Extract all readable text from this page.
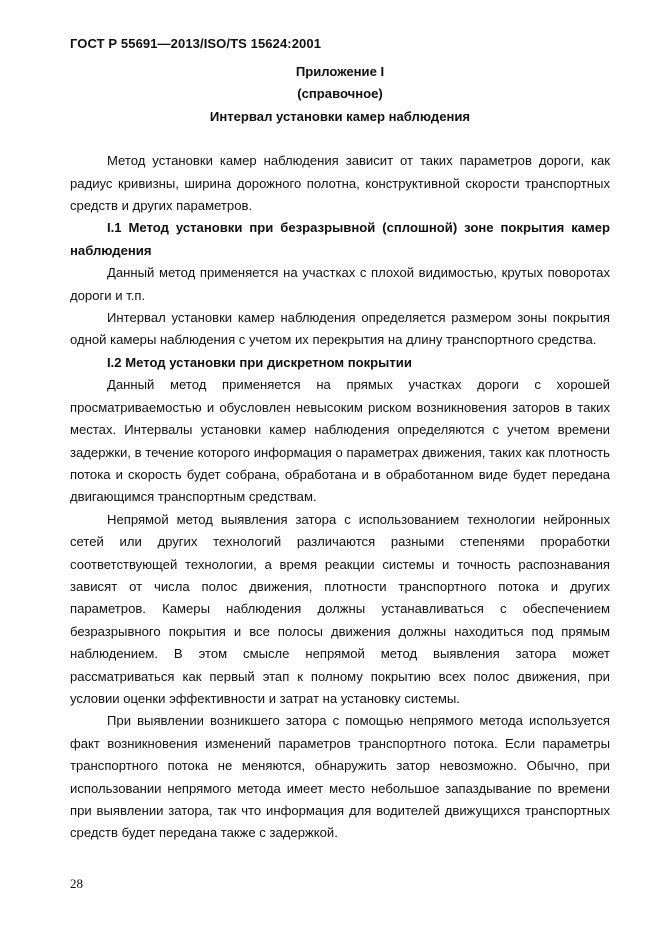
ГОСТ Р 55691—2013/ISO/TS 15624:2001

Приложение I

(справочное)

Интервал установки камер наблюдения

Метод установки камер наблюдения зависит от таких параметров дороги, как радиус кривизны, ширина дорожного полотна, конструктивной скорости транспортных средств и других параметров.

I.1 Метод установки при безразрывной (сплошной) зоне покрытия камер наблюдения

Данный метод применяется на участках с плохой видимостью, крутых поворотах дороги и т.п.

Интервал установки камер наблюдения определяется размером зоны покрытия одной камеры наблюдения с учетом их перекрытия на длину транспортного средства.

I.2 Метод установки при дискретном покрытии

Данный метод применяется на прямых участках дороги с хорошей просматриваемостью и обусловлен невысоким риском возникновения заторов в таких местах. Интервалы установки камер наблюдения определяются с учетом времени задержки, в течение которого информация о параметрах движения, таких как плотность потока и скорость будет собрана, обработана и в обработанном виде будет передана двигающимся транспортным средствам.

Непрямой метод выявления затора с использованием технологии нейронных сетей или других технологий различаются разными степенями проработки соответствующей технологии, а время реакции системы и точность распознавания зависят от числа полос движения, плотности транспортного потока и других параметров. Камеры наблюдения должны устанавливаться с обеспечением безразрывного покрытия и все полосы движения должны находиться под прямым наблюдением. В этом смысле непрямой метод выявления затора может рассматриваться как первый этап к полному покрытию всех полос движения, при условии оценки эффективности и затрат на установку системы.

При выявлении возникшего затора с помощью непрямого метода используется факт возникновения изменений параметров транспортного потока. Если параметры транспортного потока не меняются, обнаружить затор невозможно. Обычно, при использовании непрямого метода имеет место небольшое запаздывание по времени при выявлении затора, так что информация для водителей движущихся транспортных средств будет передана также с задержкой.

28
